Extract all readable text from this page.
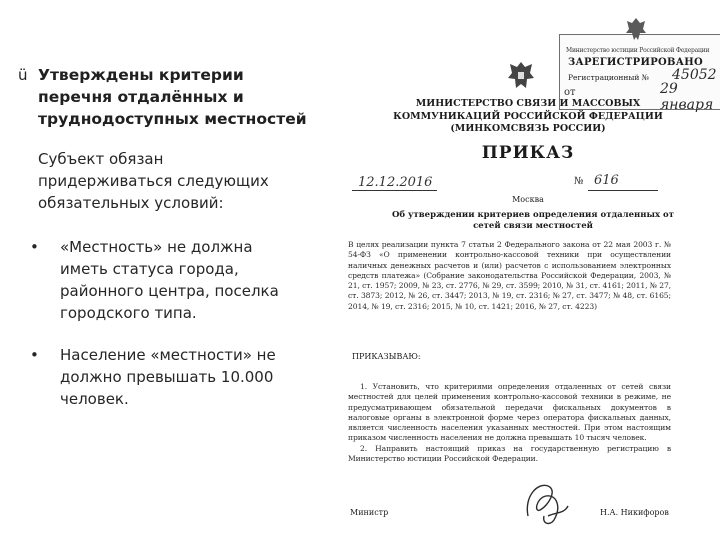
ü Утверждены критерии перечня отдалённых и труднодоступных местностей
Субъект обязан придерживаться следующих обязательных условий:
• «Местность» не должна иметь статуса города, районного центра, поселка городского типа.
• Население «местности» не должно превышать 10.000 человек.
Министерство юстиции Российской Федерации
ЗАРЕГИСТРИРОВАНО
Регистрационный № 45052
от	29 января
МИНИСТЕРСТВО СВЯЗИ И МАССОВЫХ КОММУНИКАЦИЙ РОССИЙСКОЙ ФЕДЕРАЦИИ
(МИНКОМСВЯЗЬ РОССИИ)
ПРИКАЗ
12.12.2016	№ 616
Москва
Об утверждении критериев определения отдаленных от сетей связи местностей
В целях реализации пункта 7 статьи 2 Федерального закона от 22 мая 2003 г. № 54-ФЗ «О применении контрольно-кассовой техники при осуществлении наличных денежных расчетов и (или) расчетов с использованием электронных средств платежа» (Собрание законодательства Российской Федерации, 2003, № 21, ст. 1957; 2009, № 23, ст. 2776, № 29, ст. 3599; 2010, № 31, ст. 4161; 2011, № 27, ст. 3873; 2012, № 26, ст. 3447; 2013, № 19, ст. 2316; № 27, ст. 3477; № 48, ст. 6165; 2014, № 19, ст. 2316; 2015, № 10, ст. 1421; 2016, № 27, ст. 4223)
ПРИКАЗЫВАЮ:

1. Установить, что критериями определения отдаленных от сетей связи местностей для целей применения контрольно-кассовой техники в режиме, не предусматривающем обязательной передачи фискальных документов в налоговые органы в электронной форме через оператора фискальных данных, является численность населения указанных местностей. При этом настоящим приказом численность населения не должна превышать 10 тысяч человек.

2. Направить настоящий приказ на государственную регистрацию в Министерство юстиции Российской Федерации.

Министр	Н.А. Никифоров
